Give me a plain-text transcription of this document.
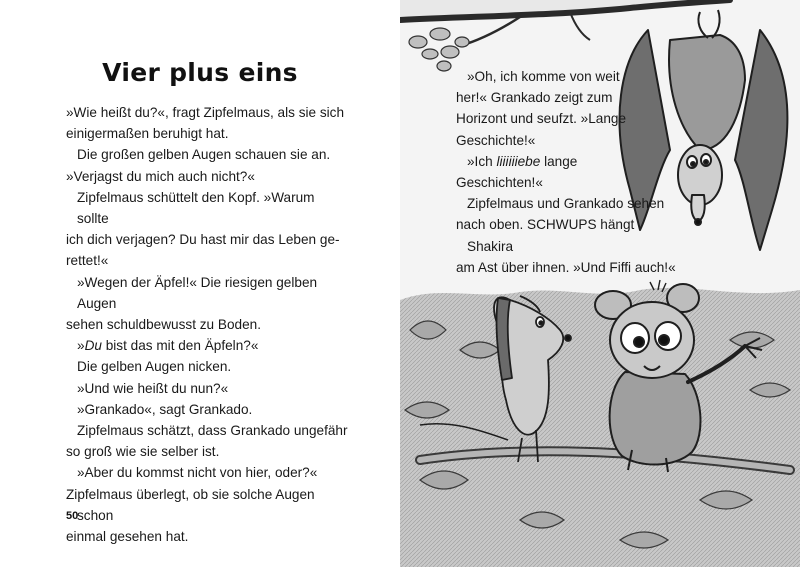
Vier plus eins

»Wie heißt du?«, fragt Zipfelmaus, als sie sich
einigermaßen beruhigt hat.

Die großen gelben Augen schauen sie an.
»Verjagst du mich auch nicht?«

Zipfelmaus schüttelt den Kopf. »Warum sollte
ich dich verjagen? Du hast mir das Leben ge-
rettet!«

»Wegen der Äpfel!« Die riesigen gelben Augen
sehen schuldbewusst zu Boden.

»Du bist das mit den Äpfeln?«

Die gelben Augen nicken.

»Und wie heißt du nun?«

»Grankado«, sagt Grankado.

Zipfelmaus schätzt, dass Grankado ungefähr
so groß wie sie selber ist.

»Aber du kommst nicht von hier, oder?«
Zipfelmaus überlegt, ob sie solche Augen schon
einmal gesehen hat.

50

»Oh, ich komme von weit
her!« Grankado zeigt zum
Horizont und seufzt. »Lange
Geschichte!«

»Ich liiiiiiebe lange
Geschichten!«

Zipfelmaus und Grankado sehen
nach oben. SCHWUPS hängt Shakira
am Ast über ihnen. »Und Fiffi auch!«
